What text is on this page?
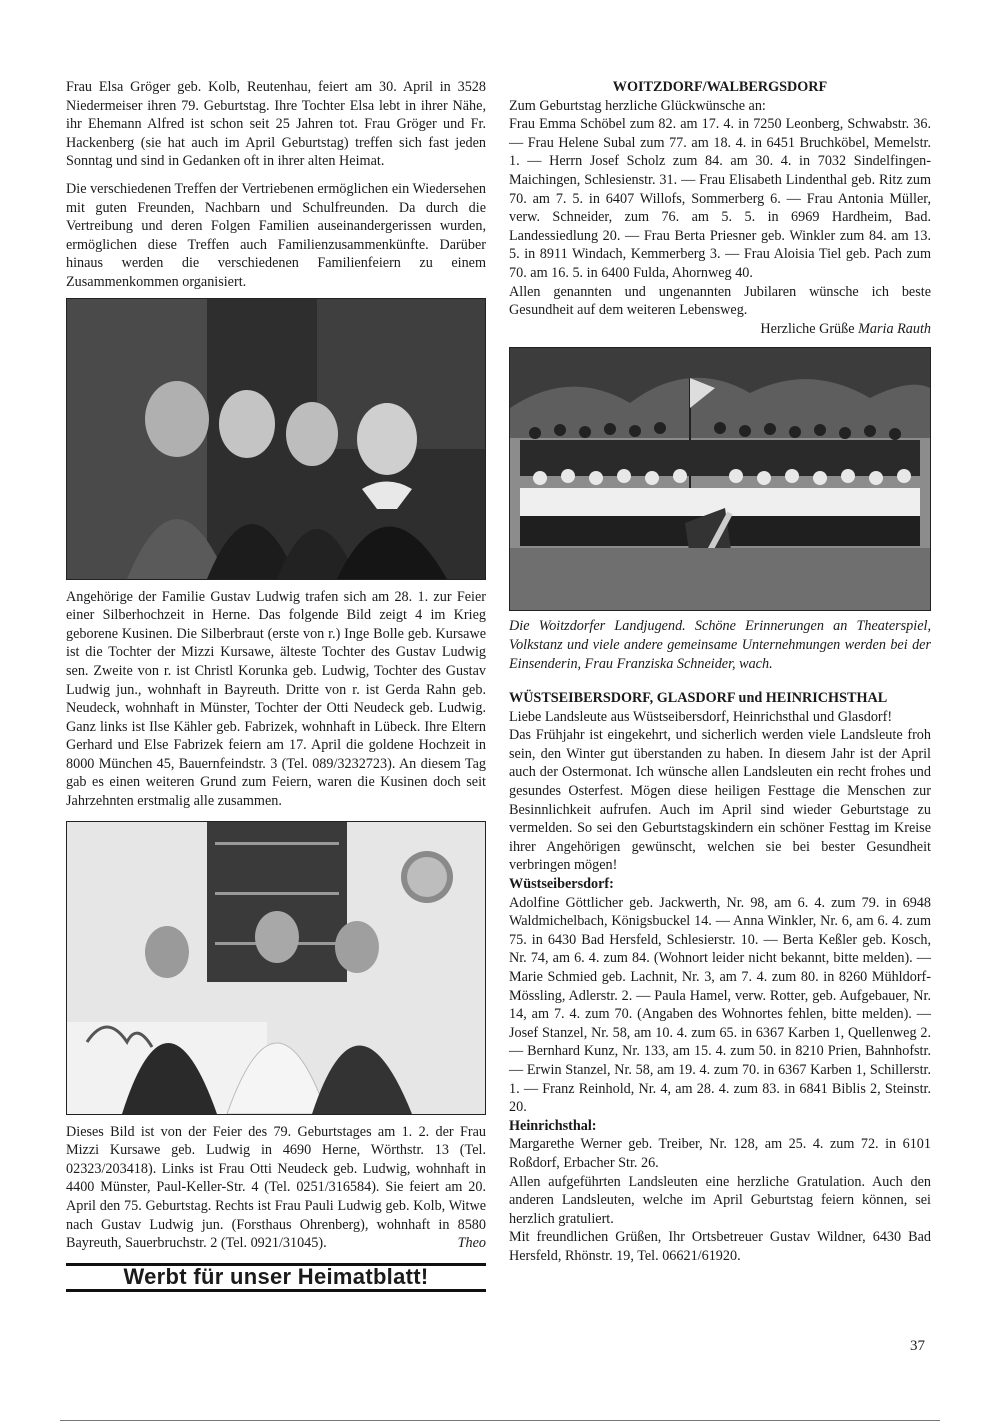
Frau Elsa Gröger geb. Kolb, Reutenhau, feiert am 30. April in 3528 Niedermeiser ihren 79. Geburtstag. Ihre Tochter Elsa lebt in ihrer Nähe, ihr Ehemann Alfred ist schon seit 25 Jahren tot. Frau Gröger und Fr. Hackenberg (sie hat auch im April Geburtstag) treffen sich fast jeden Sonntag und sind in Gedanken oft in ihrer alten Heimat.

Die verschiedenen Treffen der Vertriebenen ermöglichen ein Wiedersehen mit guten Freunden, Nachbarn und Schulfreunden. Da durch die Vertreibung und deren Folgen Familien auseinandergerissen wurden, ermöglichen diese Treffen auch Familienzusammenkünfte. Darüber hinaus werden die verschiedenen Familienfeiern zu einem Zusammenkommen organisiert.

Angehörige der Familie Gustav Ludwig trafen sich am 28. 1. zur Feier einer Silberhochzeit in Herne. Das folgende Bild zeigt 4 im Krieg geborene Kusinen. Die Silberbraut (erste von r.) Inge Bolle geb. Kursawe ist die Tochter der Mizzi Kursawe, älteste Tochter des Gustav Ludwig sen. Zweite von r. ist Christl Korunka geb. Ludwig, Tochter des Gustav Ludwig jun., wohnhaft in Bayreuth. Dritte von r. ist Gerda Rahn geb. Neudeck, wohnhaft in Münster, Tochter der Otti Neudeck geb. Ludwig. Ganz links ist Ilse Kähler geb. Fabrizek, wohnhaft in Lübeck. Ihre Eltern Gerhard und Else Fabrizek feiern am 17. April die goldene Hochzeit in 8000 München 45, Bauernfeindstr. 3 (Tel. 089/3232723). An diesem Tag gab es einen weiteren Grund zum Feiern, waren die Kusinen doch seit Jahrzehnten erstmalig alle zusammen.

Dieses Bild ist von der Feier des 79. Geburtstages am 1. 2. der Frau Mizzi Kursawe geb. Ludwig in 4690 Herne, Wörthstr. 13 (Tel. 02323/203418). Links ist Frau Otti Neudeck geb. Ludwig, wohnhaft in 4400 Münster, Paul-Keller-Str. 4 (Tel. 0251/316584). Sie feiert am 20. April den 75. Geburtstag. Rechts ist Frau Pauli Ludwig geb. Kolb, Witwe nach Gustav Ludwig jun. (Forsthaus Ohrenberg), wohnhaft in 8580 Bayreuth, Sauerbruchstr. 2 (Tel. 0921/31045).	Theo

Werbt für unser Heimatblatt!
WOITZDORF/WALBERGSDORF

Zum Geburtstag herzliche Glückwünsche an:

Frau Emma Schöbel zum 82. am 17. 4. in 7250 Leonberg, Schwabstr. 36. — Frau Helene Subal zum 77. am 18. 4. in 6451 Bruchköbel, Memelstr. 1. — Herrn Josef Scholz zum 84. am 30. 4. in 7032 Sindelfingen-Maichingen, Schlesienstr. 31. — Frau Elisabeth Lindenthal geb. Ritz zum 70. am 7. 5. in 6407 Willofs, Sommerberg 6. — Frau Antonia Müller, verw. Schneider, zum 76. am 5. 5. in 6969 Hardheim, Bad. Landessiedlung 20. — Frau Berta Priesner geb. Winkler zum 84. am 13. 5. in 8911 Windach, Kemmerberg 3. — Frau Aloisia Tiel geb. Pach zum 70. am 16. 5. in 6400 Fulda, Ahornweg 40.

Allen genannten und ungenannten Jubilaren wünsche ich beste Gesundheit auf dem weiteren Lebensweg.

Herzliche Grüße Maria Rauth

Die Woitzdorfer Landjugend. Schöne Erinnerungen an Theaterspiel, Volkstanz und viele andere gemeinsame Unternehmungen werden bei der Einsenderin, Frau Franziska Schneider, wach.

WÜSTSEIBERSDORF, GLASDORF und HEINRICHSTHAL

Liebe Landsleute aus Wüstseibersdorf, Heinrichsthal und Glasdorf!

Das Frühjahr ist eingekehrt, und sicherlich werden viele Landsleute froh sein, den Winter gut überstanden zu haben. In diesem Jahr ist der April auch der Ostermonat. Ich wünsche allen Landsleuten ein recht frohes und gesundes Osterfest. Mögen diese heiligen Festtage die Menschen zur Besinnlichkeit aufrufen. Auch im April sind wieder Geburtstage zu vermelden. So sei den Geburtstagskindern ein schöner Festtag im Kreise ihrer Angehörigen gewünscht, welchen sie bei bester Gesundheit verbringen mögen!

Wüstseibersdorf:

Adolfine Göttlicher geb. Jackwerth, Nr. 98, am 6. 4. zum 79. in 6948 Waldmichelbach, Königsbuckel 14. — Anna Winkler, Nr. 6, am 6. 4. zum 75. in 6430 Bad Hersfeld, Schlesierstr. 10. — Berta Keßler geb. Kosch, Nr. 74, am 6. 4. zum 84. (Wohnort leider nicht bekannt, bitte melden). — Marie Schmied geb. Lachnit, Nr. 3, am 7. 4. zum 80. in 8260 Mühldorf-Mössling, Adlerstr. 2. — Paula Hamel, verw. Rotter, geb. Aufgebauer, Nr. 14, am 7. 4. zum 70. (Angaben des Wohnortes fehlen, bitte melden). — Josef Stanzel, Nr. 58, am 10. 4. zum 65. in 6367 Karben 1, Quellenweg 2. — Bernhard Kunz, Nr. 133, am 15. 4. zum 50. in 8210 Prien, Bahnhofstr. — Erwin Stanzel, Nr. 58, am 19. 4. zum 70. in 6367 Karben 1, Schillerstr. 1. — Franz Reinhold, Nr. 4, am 28. 4. zum 83. in 6841 Biblis 2, Steinstr. 20.

Heinrichsthal:

Margarethe Werner geb. Treiber, Nr. 128, am 25. 4. zum 72. in 6101 Roßdorf, Erbacher Str. 26.

Allen aufgeführten Landsleuten eine herzliche Gratulation. Auch den anderen Landsleuten, welche im April Geburtstag feiern können, sei herzlich gratuliert.

Mit freundlichen Grüßen, Ihr Ortsbetreuer Gustav Wildner, 6430 Bad Hersfeld, Rhönstr. 19, Tel. 06621/61920.

37
